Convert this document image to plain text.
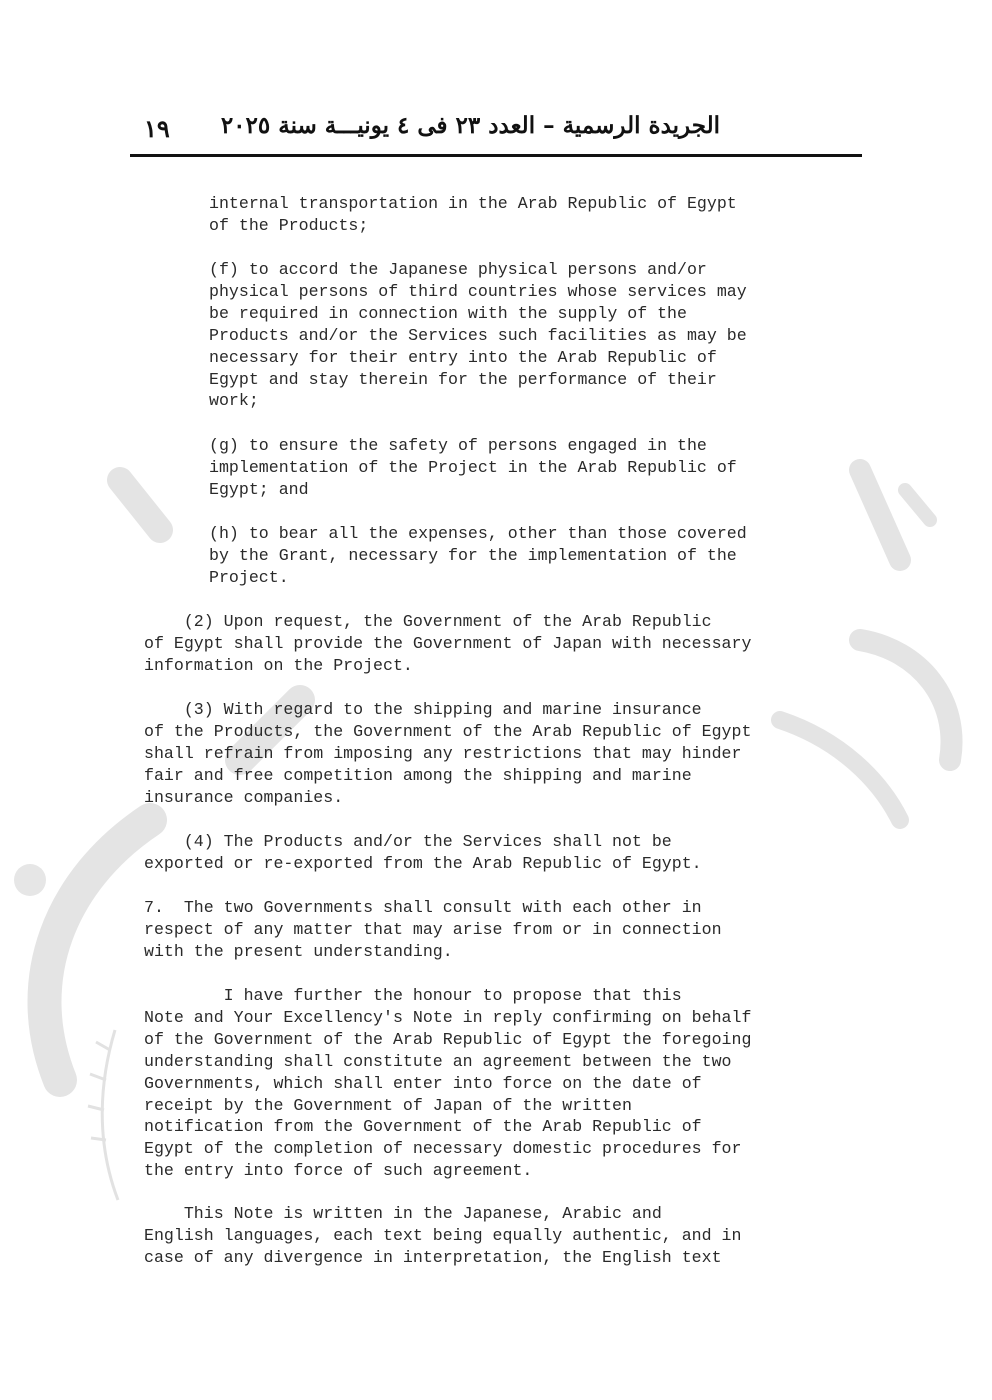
١٩ الجريدة الرسمية – العدد ٢٣ فى ٤ يونيـــة سنة ٢٠٢٥

internal transportation in the Arab Republic of Egypt
of the Products;

(f) to accord the Japanese physical persons and/or
physical persons of third countries whose services may
be required in connection with the supply of the
Products and/or the Services such facilities as may be
necessary for their entry into the Arab Republic of
Egypt and stay therein for the performance of their
work;

(g) to ensure the safety of persons engaged in the
implementation of the Project in the Arab Republic of
Egypt; and

(h) to bear all the expenses, other than those covered
by the Grant, necessary for the implementation of the
Project.

(2) Upon request, the Government of the Arab Republic
of Egypt shall provide the Government of Japan with necessary
information on the Project.

(3) With regard to the shipping and marine insurance
of the Products, the Government of the Arab Republic of Egypt
shall refrain from imposing any restrictions that may hinder
fair and free competition among the shipping and marine
insurance companies.

(4) The Products and/or the Services shall not be
exported or re-exported from the Arab Republic of Egypt.

7.  The two Governments shall consult with each other in
respect of any matter that may arise from or in connection
with the present understanding.

I have further the honour to propose that this
Note and Your Excellency's Note in reply confirming on behalf
of the Government of the Arab Republic of Egypt the foregoing
understanding shall constitute an agreement between the two
Governments, which shall enter into force on the date of
receipt by the Government of Japan of the written
notification from the Government of the Arab Republic of
Egypt of the completion of necessary domestic procedures for
the entry into force of such agreement.

This Note is written in the Japanese, Arabic and
English languages, each text being equally authentic, and in
case of any divergence in interpretation, the English text
